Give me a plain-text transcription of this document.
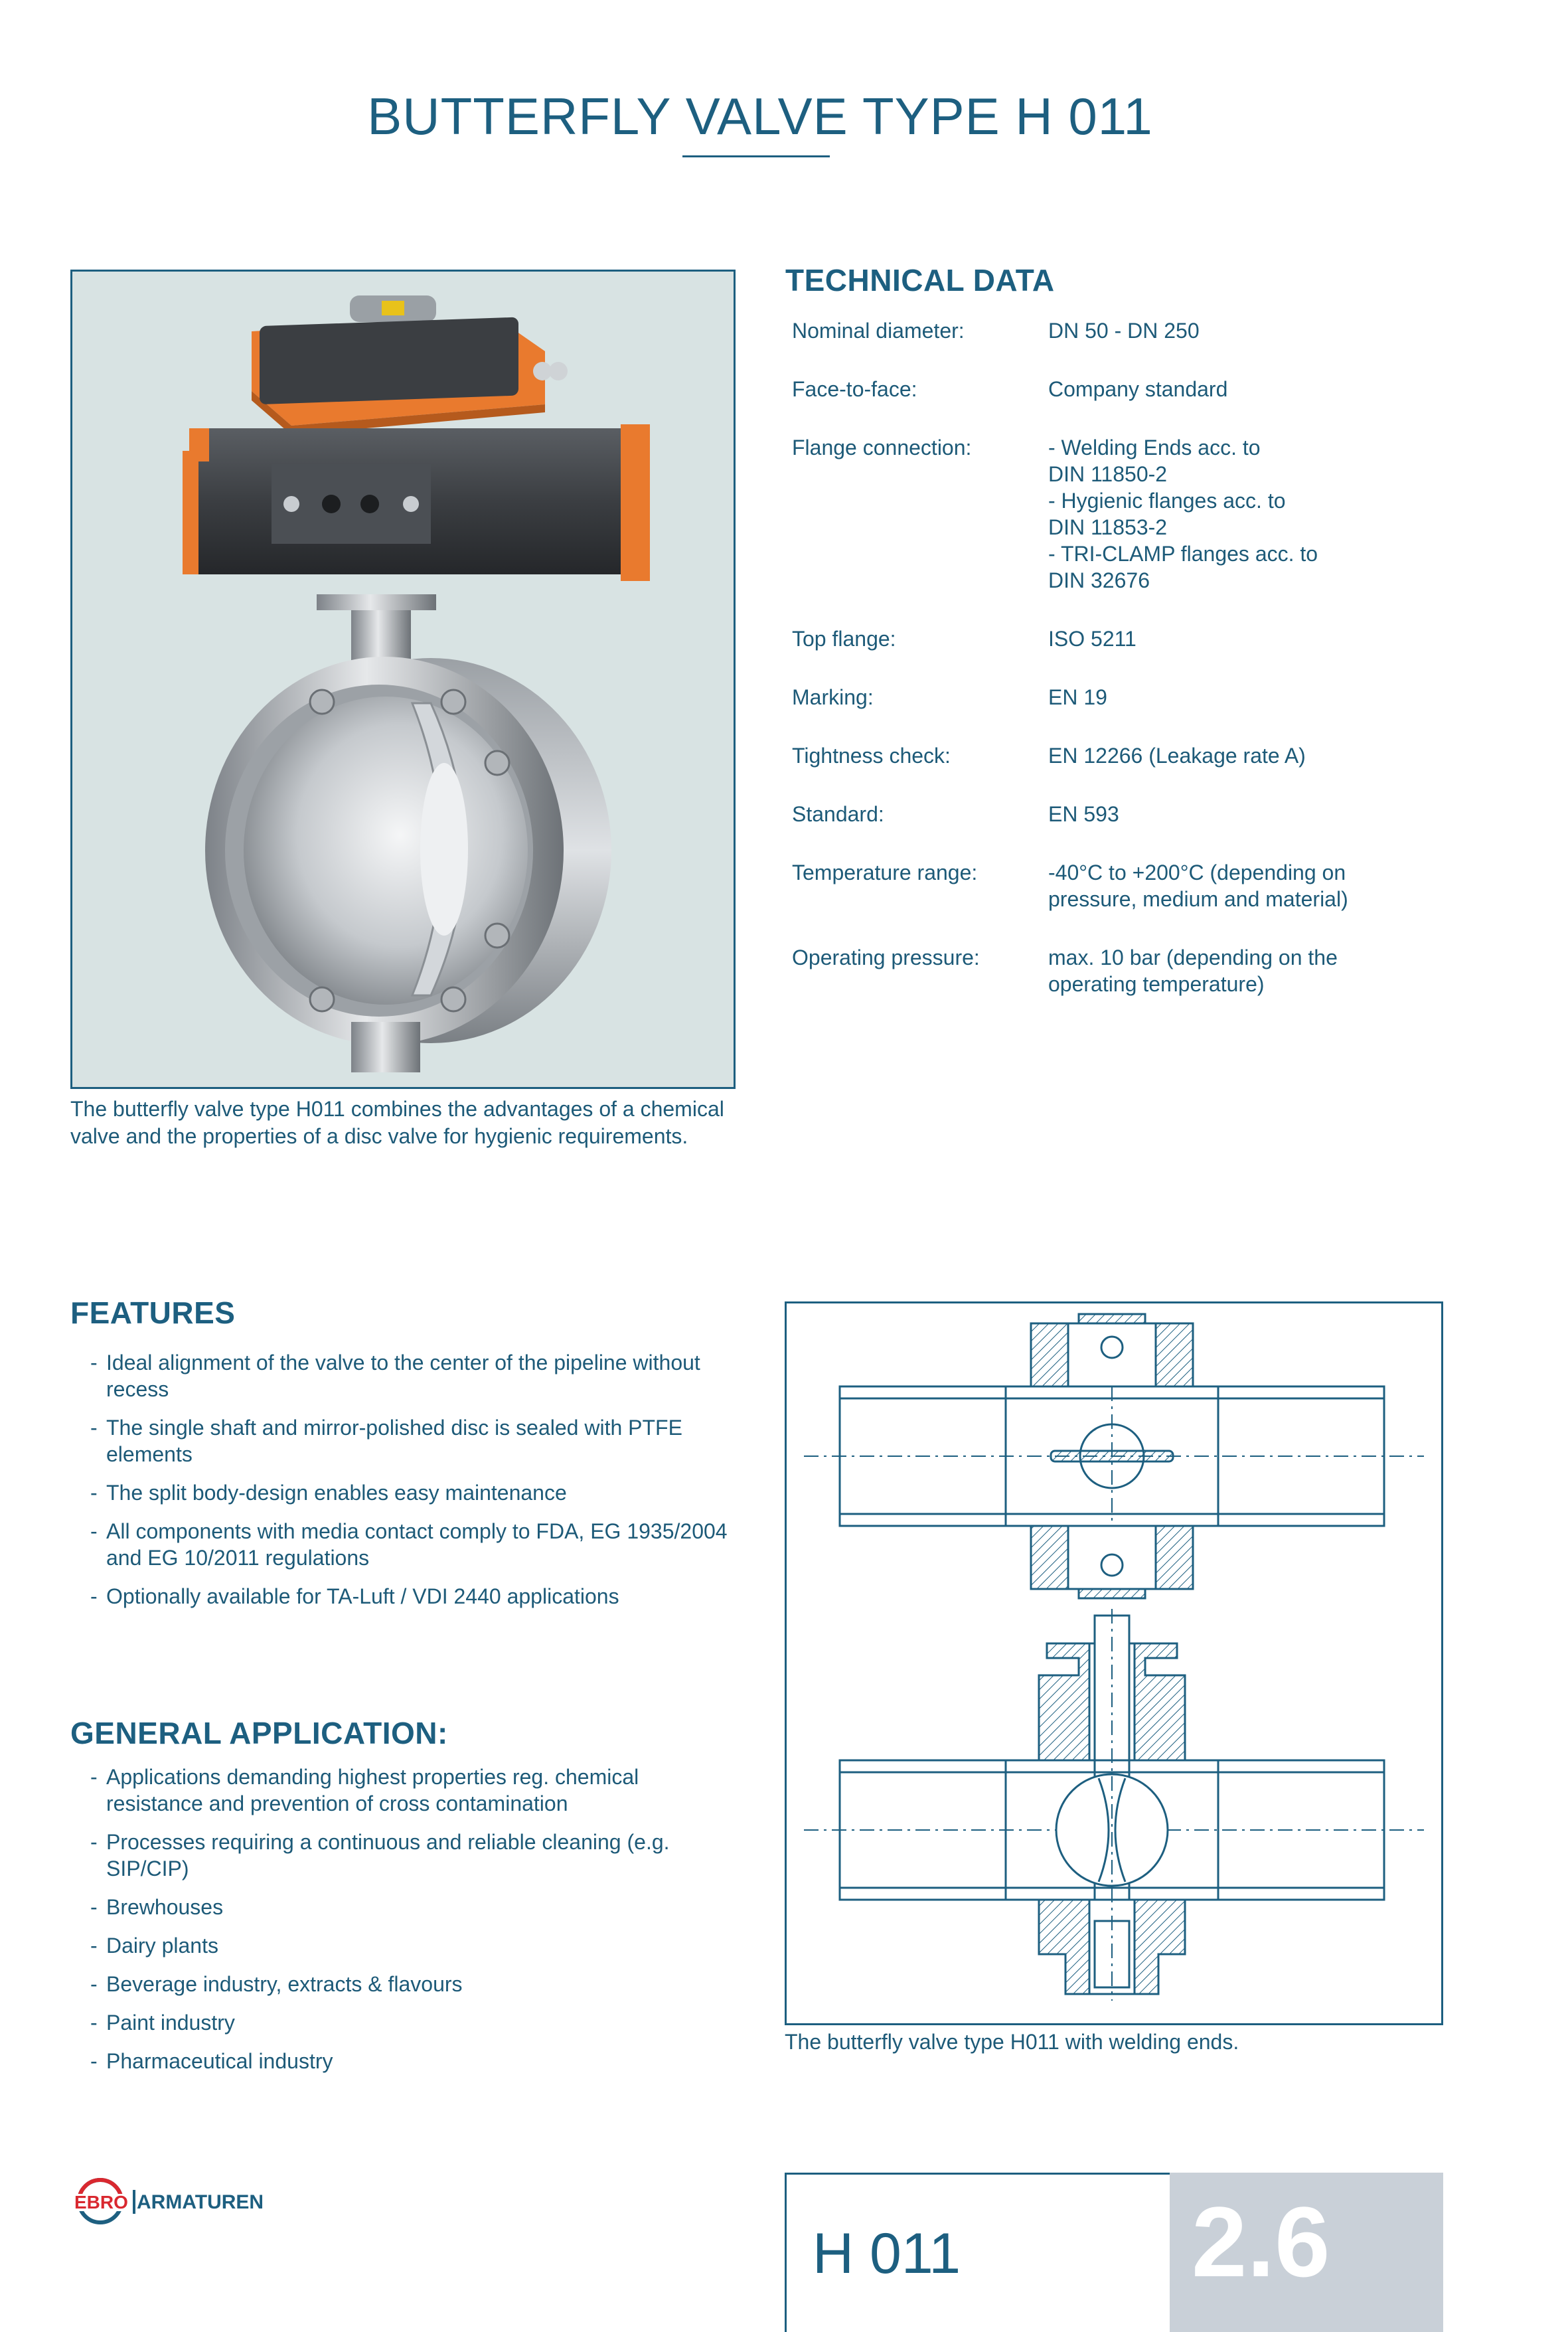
BUTTERFLY VALVE TYPE H 011
The butterfly valve type H011 combines the advantages of a chemical valve and the properties of a disc valve for hygienic requirements.
TECHNICAL DATA
Nominal diameter:	DN 50 - DN 250
Face-to-face:	Company standard
Flange connection:	- Welding Ends acc. to
DIN 11850-2
- Hygienic flanges acc. to
DIN 11853-2
- TRI-CLAMP flanges acc. to
DIN 32676
Top flange:	ISO 5211
Marking:	EN 19
Tightness check:	EN 12266 (Leakage rate A)
Standard:	EN 593
Temperature range:	-40°C to +200°C (depending on
pressure, medium and material)
Operating pressure:	max. 10 bar (depending on the
operating temperature)
FEATURES
- Ideal alignment of the valve to the center of the pipeline without recess
- The single shaft and mirror-polished disc is sealed with PTFE elements
- The split body-design enables easy maintenance
- All components with media contact comply to FDA, EG 1935/2004 and EG 10/2011 regulations
- Optionally available for TA-Luft / VDI 2440 applications
GENERAL APPLICATION:
- Applications demanding highest properties reg. chemical resistance and prevention of cross contamination
- Processes requiring a continuous and reliable cleaning (e.g. SIP/CIP)
- Brewhouses
- Dairy plants
- Beverage industry, extracts & flavours
- Paint industry
- Pharmaceutical industry
The butterfly valve type H011 with welding ends.
EBRO ARMATUREN
H 011 2.6
